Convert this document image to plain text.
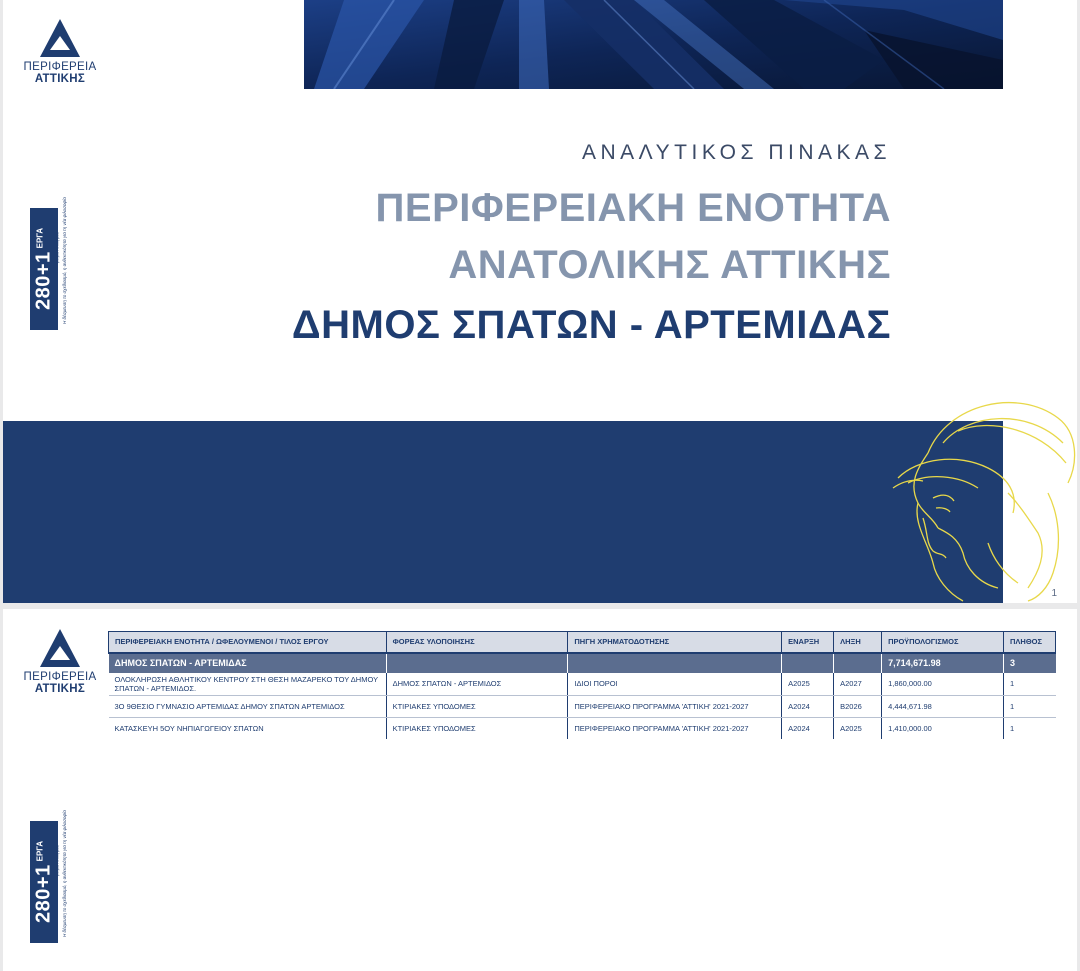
ΠΕΡΙΦΕΡΕΙΑ
ΑΤΤΙΚΗΣ
$280+1^{EP\Gamma A}$	για μια Αττική μας Η δέσμευση το σχεδιασμό, η ανθεκτικότητα για τη νέα φιλοσοφία
ΑΝΑΛΥΤΙΚΟΣ ΠΙΝΑΚΑΣ
ΠΕΡΙΦΕΡΕΙΑΚΗ ΕΝΟΤΗΤΑ
ΑΝΑΤΟΛΙΚΗΣ ΑΤΤΙΚΗΣ
ΔΗΜΟΣ ΣΠΑΤΩΝ - ΑΡΤΕΜΙΔΑΣ
1
ΠΕΡΙΦΕΡΕΙΑ
ΑΤΤΙΚΗΣ
$280+1^{EP\Gamma A}$	για μια Αττική μας Η δέσμευση το σχεδιασμό, η ανθεκτικότητα για τη νέα φιλοσοφία
ΠΕΡΙΦΕΡΕΙΑΚΗ ΕΝΟΤΗΤΑ / ΩΦΕΛΟΥΜΕΝΟΙ / ΤΙΛΟΣ ΕΡΓΟΥ	ΦΟΡΕΑΣ ΥΛΟΠΟΙΗΣΗΣ	ΠΗΓΗ ΧΡΗΜΑΤΟΔΟΤΗΣΗΣ	ΕΝΑΡΞΗ	ΛΗΞΗ	ΠΡΟΫΠΟΛΟΓΙΣΜΟΣ	ΠΛΗΘΟΣ
ΔΗΜΟΣ ΣΠΑΤΩΝ - ΑΡΤΕΜΙΔΑΣ					7,714,671.98	3
ΟΛΟΚΛΗΡΩΣΗ ΑΘΛΗΤΙΚΟΥ ΚΕΝΤΡΟΥ ΣΤΗ ΘΕΣΗ ΜΑΖΑΡΕΚΟ ΤΟΥ ΔΗΜΟΥ ΣΠΑΤΩΝ - ΑΡΤΕΜΙΔΟΣ.	ΔΗΜΟΣ ΣΠΑΤΩΝ - ΑΡΤΕΜΙΔΟΣ	ΙΔΙΟΙ ΠΟΡΟΙ	Α2025	Α2027	1,860,000.00	1
3Ο 9ΘΕΣΙΟ ΓΥΜΝΑΣΙΟ ΑΡΤΕΜΙΔΑΣ ΔΗΜΟΥ ΣΠΑΤΩΝ ΑΡΤΕΜΙΔΟΣ	ΚΤΙΡΙΑΚΕΣ ΥΠΟΔΟΜΕΣ	ΠΕΡΙΦΕΡΕΙΑΚΟ ΠΡΟΓΡΑΜΜΑ 'ΑΤΤΙΚΗ' 2021-2027	Α2024	Β2026	4,444,671.98	1
ΚΑΤΑΣΚΕΥΗ 5ΟΥ ΝΗΠΙΑΓΩΓΕΙΟΥ ΣΠΑΤΩΝ	ΚΤΙΡΙΑΚΕΣ ΥΠΟΔΟΜΕΣ	ΠΕΡΙΦΕΡΕΙΑΚΟ ΠΡΟΓΡΑΜΜΑ 'ΑΤΤΙΚΗ' 2021-2027	Α2024	Α2025	1,410,000.00	1
